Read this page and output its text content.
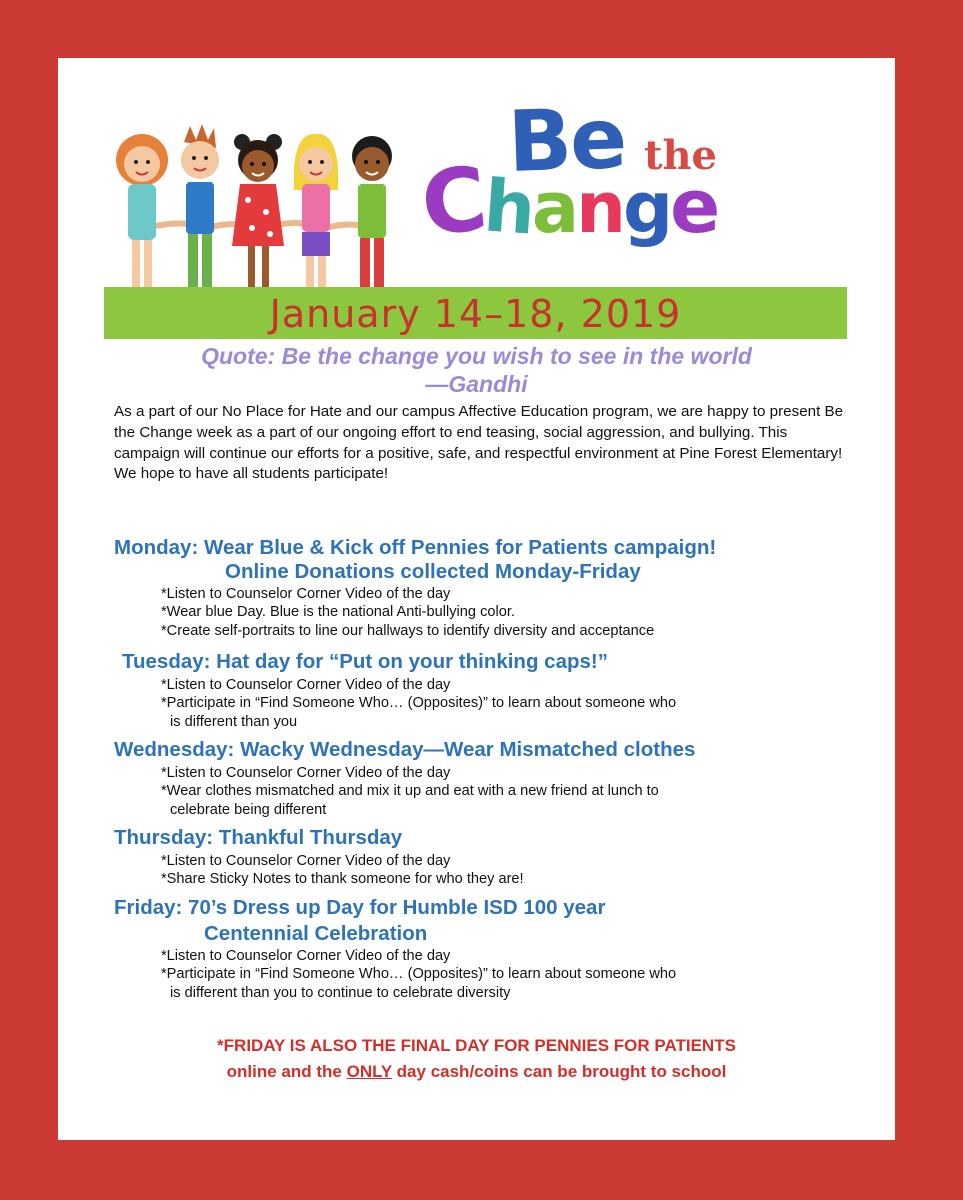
Be the
Change
January 14–18, 2019
Quote: Be the change you wish to see in the world
—Gandhi
As a part of our No Place for Hate and our campus Affective Education program, we are happy to present Be the Change week as a part of our ongoing effort to end teasing, social aggression, and bullying. This campaign will continue our efforts for a positive, safe, and respectful environment at Pine Forest Elementary! We hope to have all students participate!
Monday: Wear Blue & Kick off Pennies for Patients campaign!
Online Donations collected Monday-Friday
*Listen to Counselor Corner Video of the day
*Wear blue Day. Blue is the national Anti-bullying color.
*Create self-portraits to line our hallways to identify diversity and acceptance
Tuesday: Hat day for “Put on your thinking caps!”
*Listen to Counselor Corner Video of the day
*Participate in “Find Someone Who… (Opposites)” to learn about someone who
is different than you
Wednesday: Wacky Wednesday—Wear Mismatched clothes
*Listen to Counselor Corner Video of the day
*Wear clothes mismatched and mix it up and eat with a new friend at lunch to
celebrate being different
Thursday: Thankful Thursday
*Listen to Counselor Corner Video of the day
*Share Sticky Notes to thank someone for who they are!
Friday: 70’s Dress up Day for Humble ISD 100 year
Centennial Celebration
*Listen to Counselor Corner Video of the day
*Participate in “Find Someone Who… (Opposites)” to learn about someone who
is different than you to continue to celebrate diversity
*FRIDAY IS ALSO THE FINAL DAY FOR PENNIES FOR PATIENTS
online and the ONLY day cash/coins can be brought to school
